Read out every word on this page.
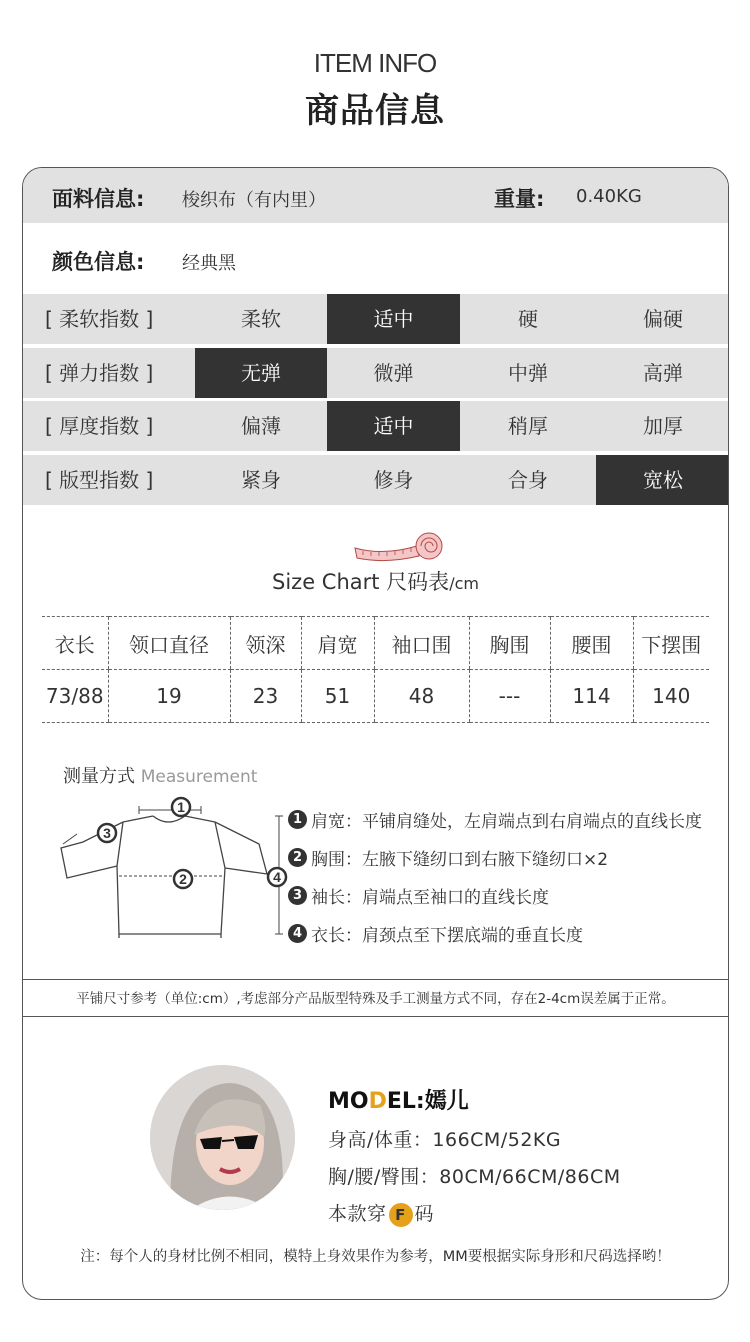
ITEM INFO
商品信息
面料信息: 梭织布（有内里）	重量: 0.40KG
颜色信息: 经典黑
[ 柔软指数 ]	柔软	适中	硬	偏硬
[ 弹力指数 ]	无弹	微弹	中弹	高弹
[ 厚度指数 ]	偏薄	适中	稍厚	加厚
[ 版型指数 ]	紧身	修身	合身	宽松
Size Chart 尺码表/cm
衣长	领口直径	领深	肩宽	袖口围	胸围	腰围	下摆围
73/88	19	23	51	48	---	114	140
测量方式 Measurement
1
2
3
4
1 肩宽：平铺肩缝处，左肩端点到右肩端点的直线长度
2 胸围：左腋下缝纫口到右腋下缝纫口×2
3 袖长：肩端点至袖口的直线长度
4 衣长：肩颈点至下摆底端的垂直长度
平铺尺寸参考（单位:cm）,考虑部分产品版型特殊及手工测量方式不同，存在2-4cm误差属于正常。
MODEL:嫣儿
身高/体重：166CM/52KG
胸/腰/臀围：80CM/66CM/86CM
本款穿 F 码
注：每个人的身材比例不相同，模特上身效果作为参考，MM要根据实际身形和尺码选择哟！
